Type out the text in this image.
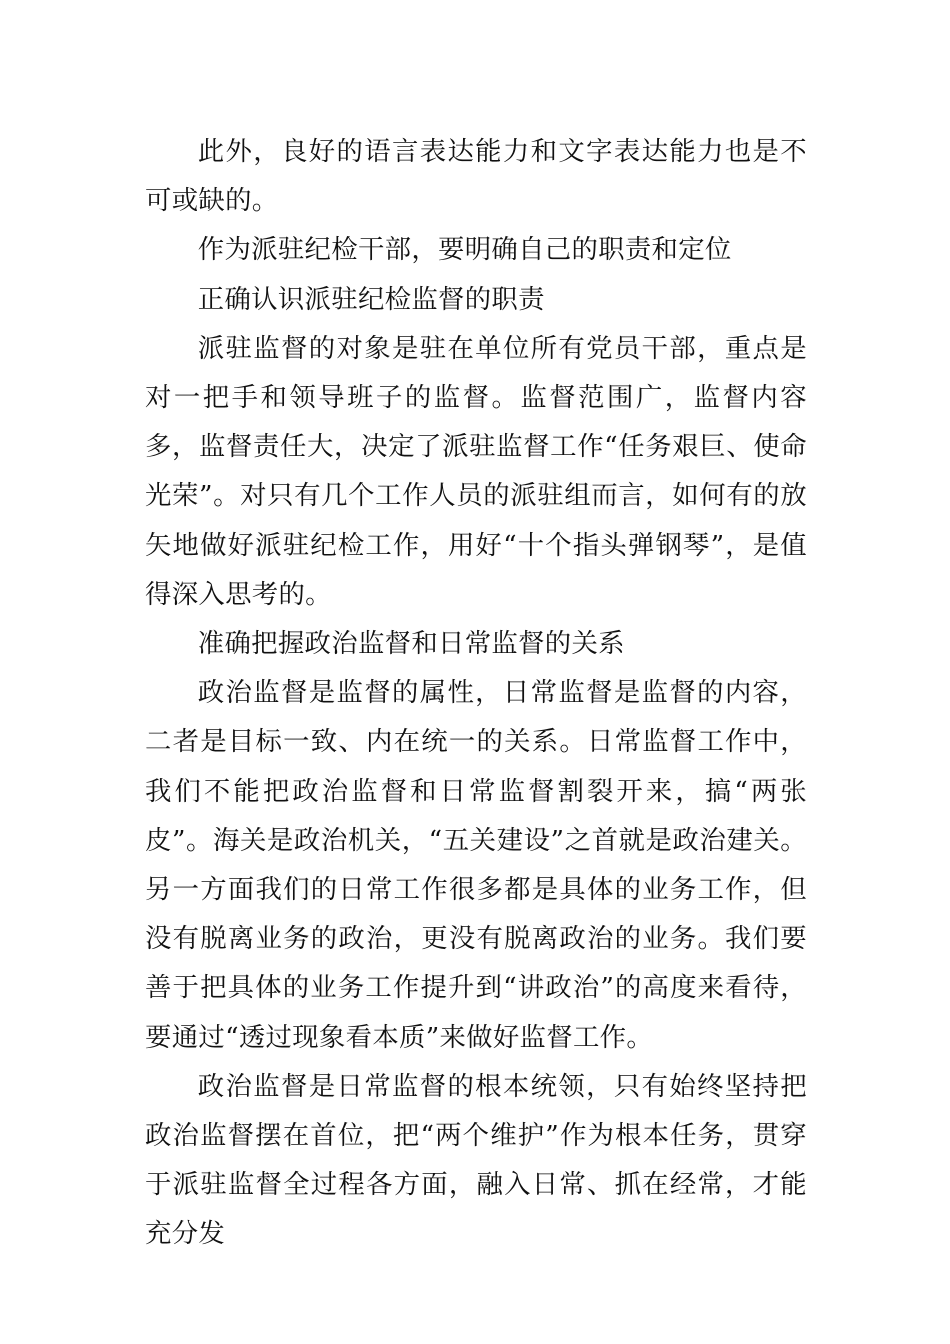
此外，良好的语言表达能力和文字表达能力也是不可或缺的。

作为派驻纪检干部，要明确自己的职责和定位

正确认识派驻纪检监督的职责

派驻监督的对象是驻在单位所有党员干部，重点是对一把手和领导班子的监督。监督范围广，监督内容多，监督责任大，决定了派驻监督工作“任务艰巨、使命光荣”。对只有几个工作人员的派驻组而言，如何有的放矢地做好派驻纪检工作，用好“十个指头弹钢琴”，是值得深入思考的。

准确把握政治监督和日常监督的关系

政治监督是监督的属性，日常监督是监督的内容，二者是目标一致、内在统一的关系。日常监督工作中，我们不能把政治监督和日常监督割裂开来，搞“两张皮”。海关是政治机关，“五关建设”之首就是政治建关。另一方面我们的日常工作很多都是具体的业务工作，但没有脱离业务的政治，更没有脱离政治的业务。我们要善于把具体的业务工作提升到“讲政治”的高度来看待，要通过“透过现象看本质”来做好监督工作。

政治监督是日常监督的根本统领，只有始终坚持把政治监督摆在首位，把“两个维护”作为根本任务，贯穿于派驻监督全过程各方面，融入日常、抓在经常，才能充分发
